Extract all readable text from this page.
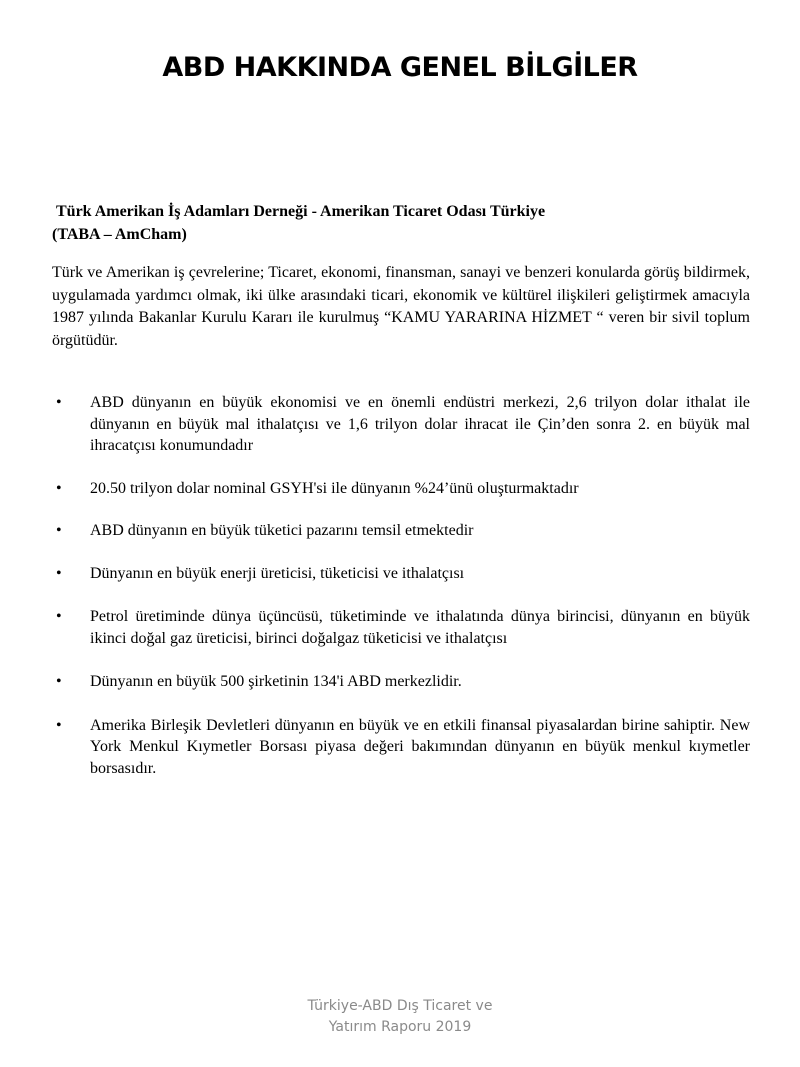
ABD HAKKINDA GENEL BİLGİLER
Türk Amerikan İş Adamları Derneği - Amerikan Ticaret Odası Türkiye
(TABA – AmCham)

Türk ve Amerikan iş çevrelerine; Ticaret, ekonomi, finansman, sanayi ve benzeri konularda görüş bildirmek, uygulamada yardımcı olmak, iki ülke arasındaki ticari, ekonomik ve kültürel ilişkileri geliştirmek amacıyla 1987 yılında Bakanlar Kurulu Kararı ile kurulmuş “KAMU YARARINA HİZMET “ veren bir sivil toplum örgütüdür.

• ABD dünyanın en büyük ekonomisi ve en önemli endüstri merkezi, 2,6 trilyon dolar ithalat ile dünyanın en büyük mal ithalatçısı ve 1,6 trilyon dolar ihracat ile Çin’den sonra 2. en büyük mal ihracatçısı konumundadır
• 20.50 trilyon dolar nominal GSYH'si ile dünyanın %24’ünü oluşturmaktadır
• ABD dünyanın en büyük tüketici pazarını temsil etmektedir
• Dünyanın en büyük enerji üreticisi, tüketicisi ve ithalatçısı
• Petrol üretiminde dünya üçüncüsü, tüketiminde ve ithalatında dünya birincisi, dünyanın en büyük ikinci doğal gaz üreticisi, birinci doğalgaz tüketicisi ve ithalatçısı
• Dünyanın en büyük 500 şirketinin 134'i ABD merkezlidir.
• Amerika Birleşik Devletleri dünyanın en büyük ve en etkili finansal piyasalardan birine sahiptir. New York Menkul Kıymetler Borsası piyasa değeri bakımından dünyanın en büyük menkul kıymetler borsasıdır.
Türkiye-ABD Dış Ticaret ve
Yatırım Raporu 2019
